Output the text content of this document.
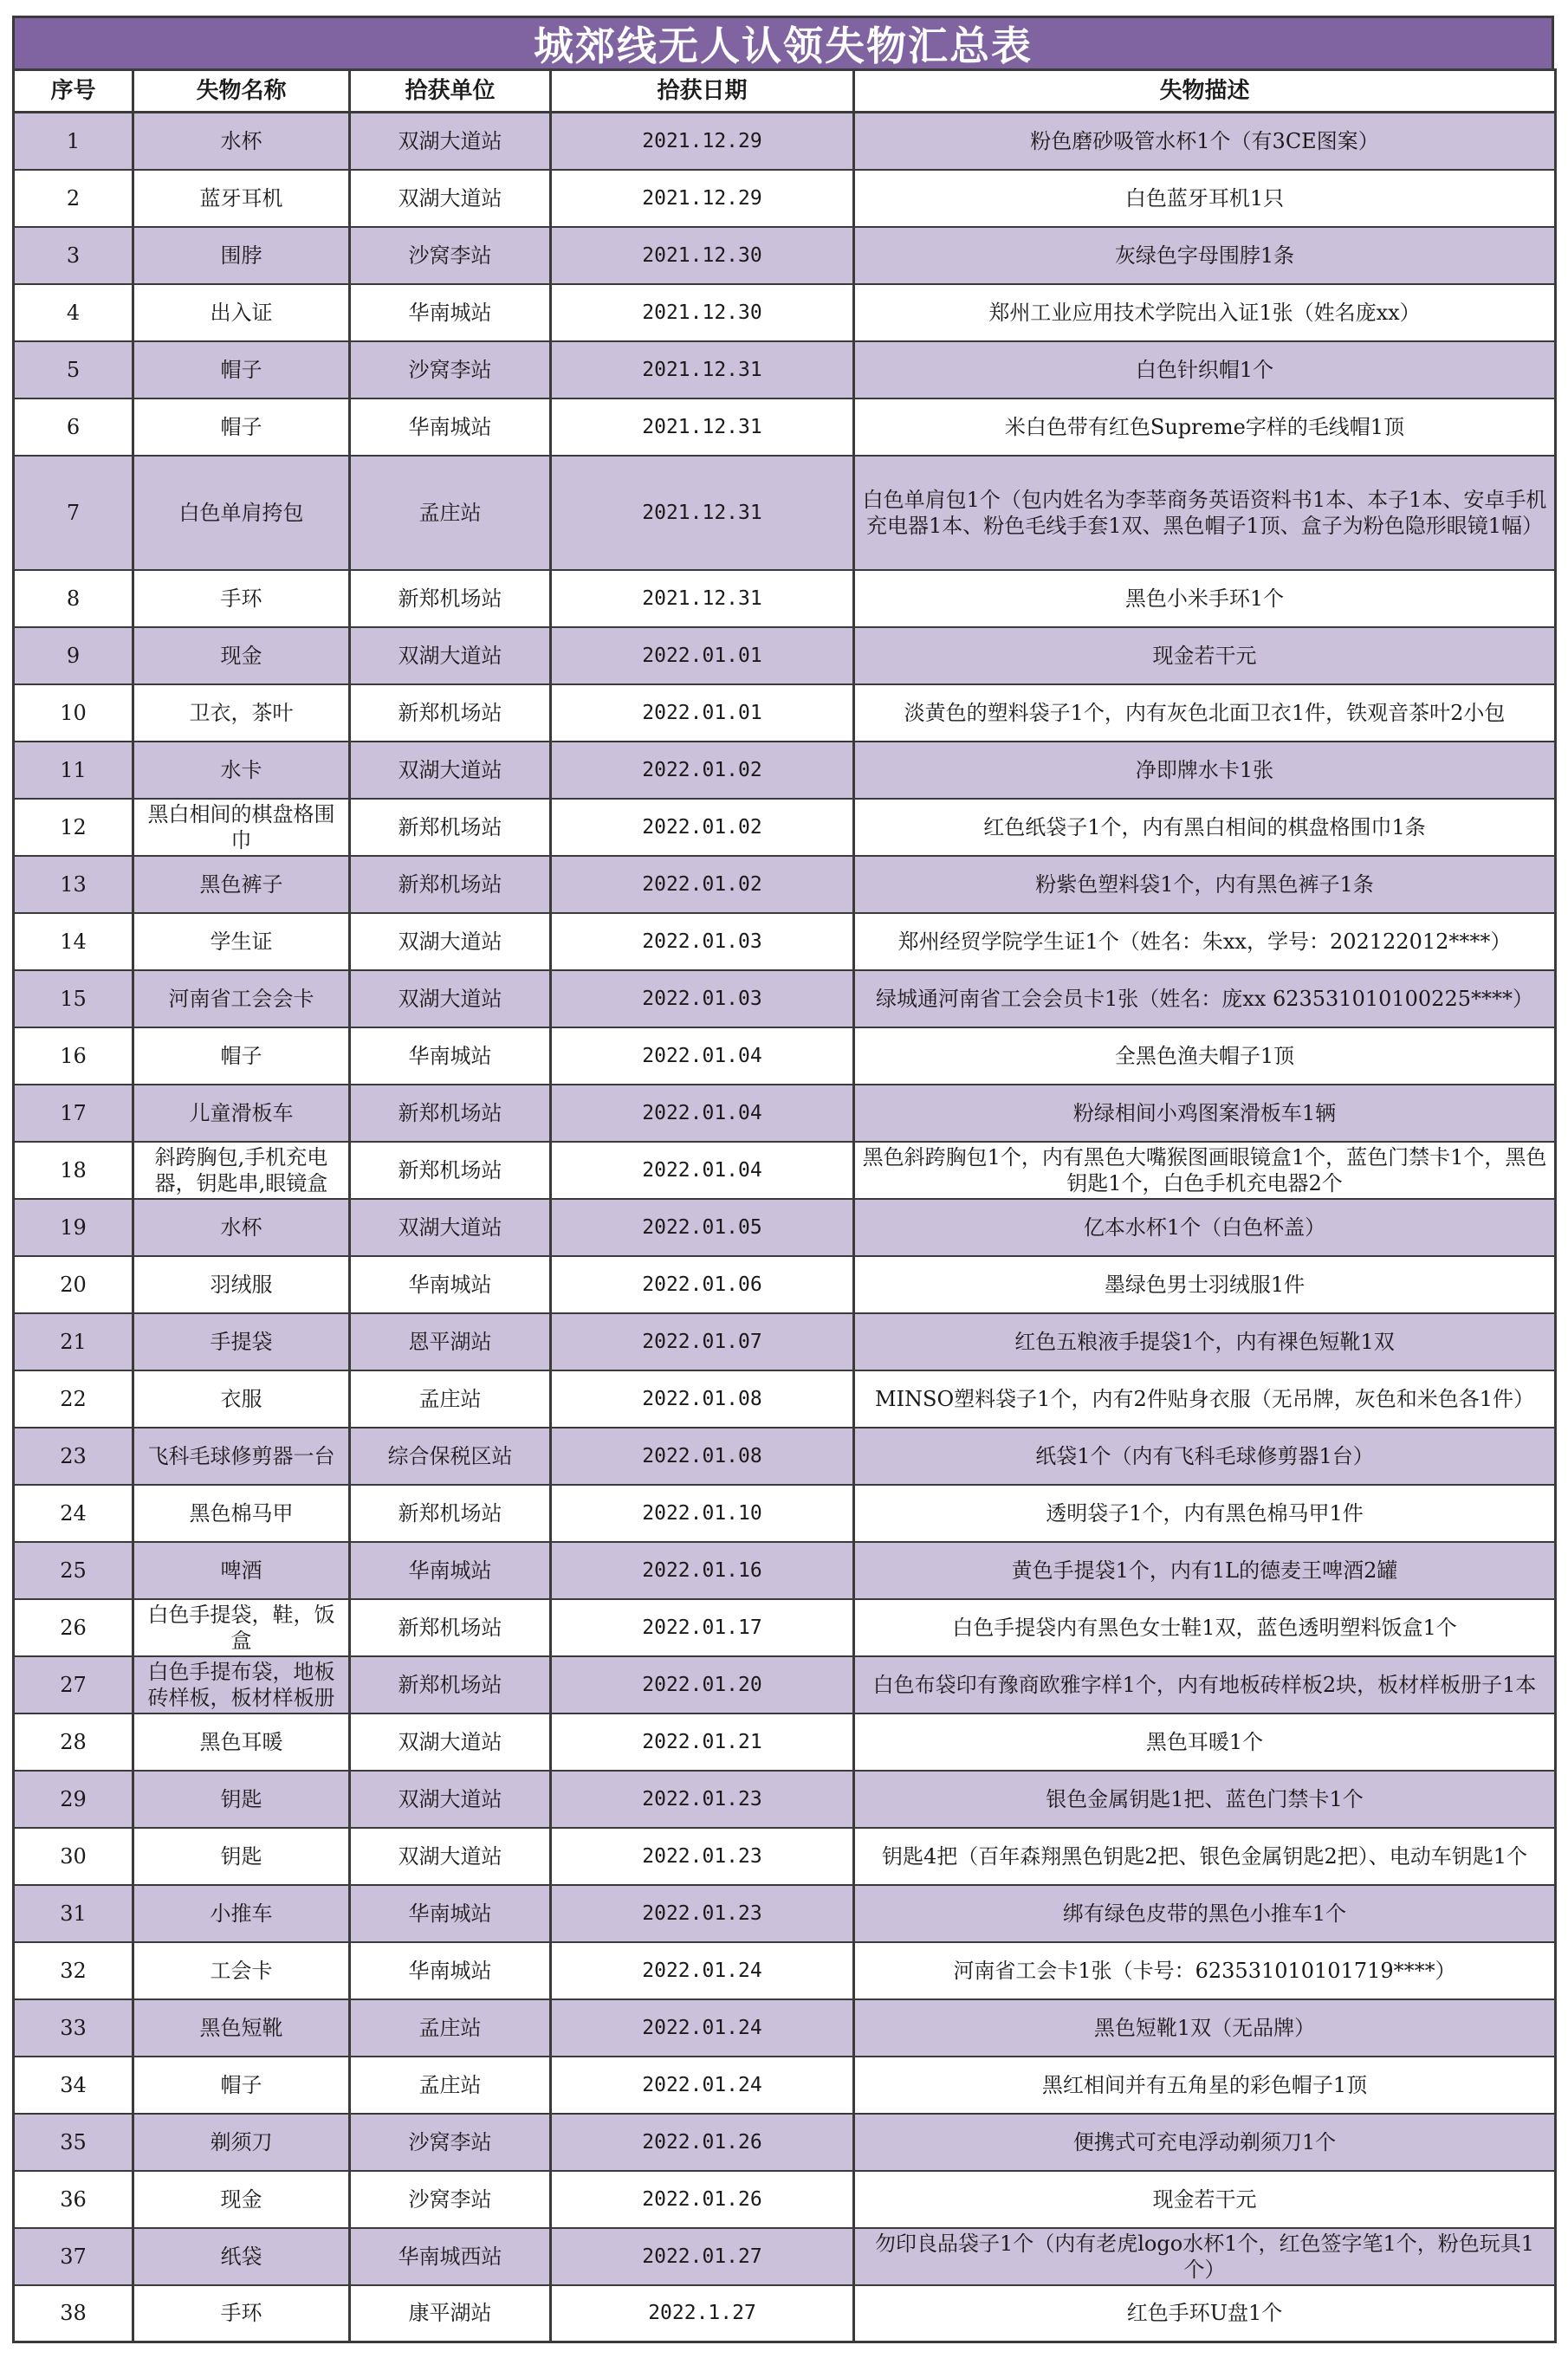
城郊线无人认领失物汇总表
序号	失物名称	拾获单位	拾获日期	失物描述
1	水杯	双湖大道站	2021.12.29	粉色磨砂吸管水杯1个（有3CE图案）
2	蓝牙耳机	双湖大道站	2021.12.29	白色蓝牙耳机1只
3	围脖	沙窝李站	2021.12.30	灰绿色字母围脖1条
4	出入证	华南城站	2021.12.30	郑州工业应用技术学院出入证1张（姓名庞xx）
5	帽子	沙窝李站	2021.12.31	白色针织帽1个
6	帽子	华南城站	2021.12.31	米白色带有红色Supreme字样的毛线帽1顶
7	白色单肩挎包	孟庄站	2021.12.31	白色单肩包1个（包内姓名为李莘商务英语资料书1本、本子1本、安卓手机充电器1本、粉色毛线手套1双、黑色帽子1顶、盒子为粉色隐形眼镜1幅）
8	手环	新郑机场站	2021.12.31	黑色小米手环1个
9	现金	双湖大道站	2022.01.01	现金若干元
10	卫衣，茶叶	新郑机场站	2022.01.01	淡黄色的塑料袋子1个，内有灰色北面卫衣1件，铁观音茶叶2小包
11	水卡	双湖大道站	2022.01.02	净即牌水卡1张
12	黑白相间的棋盘格围巾	新郑机场站	2022.01.02	红色纸袋子1个，内有黑白相间的棋盘格围巾1条
13	黑色裤子	新郑机场站	2022.01.02	粉紫色塑料袋1个，内有黑色裤子1条
14	学生证	双湖大道站	2022.01.03	郑州经贸学院学生证1个（姓名：朱xx，学号：202122012****）
15	河南省工会会卡	双湖大道站	2022.01.03	绿城通河南省工会会员卡1张（姓名：庞xx 623531010100225****）
16	帽子	华南城站	2022.01.04	全黑色渔夫帽子1顶
17	儿童滑板车	新郑机场站	2022.01.04	粉绿相间小鸡图案滑板车1辆
18	斜跨胸包,手机充电器，钥匙串,眼镜盒	新郑机场站	2022.01.04	黑色斜跨胸包1个，内有黑色大嘴猴图画眼镜盒1个，蓝色门禁卡1个，黑色钥匙1个，白色手机充电器2个
19	水杯	双湖大道站	2022.01.05	亿本水杯1个（白色杯盖）
20	羽绒服	华南城站	2022.01.06	墨绿色男士羽绒服1件
21	手提袋	恩平湖站	2022.01.07	红色五粮液手提袋1个，内有裸色短靴1双
22	衣服	孟庄站	2022.01.08	MINSO塑料袋子1个，内有2件贴身衣服（无吊牌，灰色和米色各1件）
23	飞科毛球修剪器一台	综合保税区站	2022.01.08	纸袋1个（内有飞科毛球修剪器1台）
24	黑色棉马甲	新郑机场站	2022.01.10	透明袋子1个，内有黑色棉马甲1件
25	啤酒	华南城站	2022.01.16	黄色手提袋1个，内有1L的德麦王啤酒2罐
26	白色手提袋，鞋，饭盒	新郑机场站	2022.01.17	白色手提袋内有黑色女士鞋1双，蓝色透明塑料饭盒1个
27	白色手提布袋，地板砖样板，板材样板册	新郑机场站	2022.01.20	白色布袋印有豫商欧雅字样1个，内有地板砖样板2块，板材样板册子1本
28	黑色耳暖	双湖大道站	2022.01.21	黑色耳暖1个
29	钥匙	双湖大道站	2022.01.23	银色金属钥匙1把、蓝色门禁卡1个
30	钥匙	双湖大道站	2022.01.23	钥匙4把（百年森翔黑色钥匙2把、银色金属钥匙2把）、电动车钥匙1个
31	小推车	华南城站	2022.01.23	绑有绿色皮带的黑色小推车1个
32	工会卡	华南城站	2022.01.24	河南省工会卡1张（卡号：623531010101719****）
33	黑色短靴	孟庄站	2022.01.24	黑色短靴1双（无品牌）
34	帽子	孟庄站	2022.01.24	黑红相间并有五角星的彩色帽子1顶
35	剃须刀	沙窝李站	2022.01.26	便携式可充电浮动剃须刀1个
36	现金	沙窝李站	2022.01.26	现金若干元
37	纸袋	华南城西站	2022.01.27	勿印良品袋子1个（内有老虎logo水杯1个，红色签字笔1个，粉色玩具1个）
38	手环	康平湖站	2022.1.27	红色手环U盘1个
